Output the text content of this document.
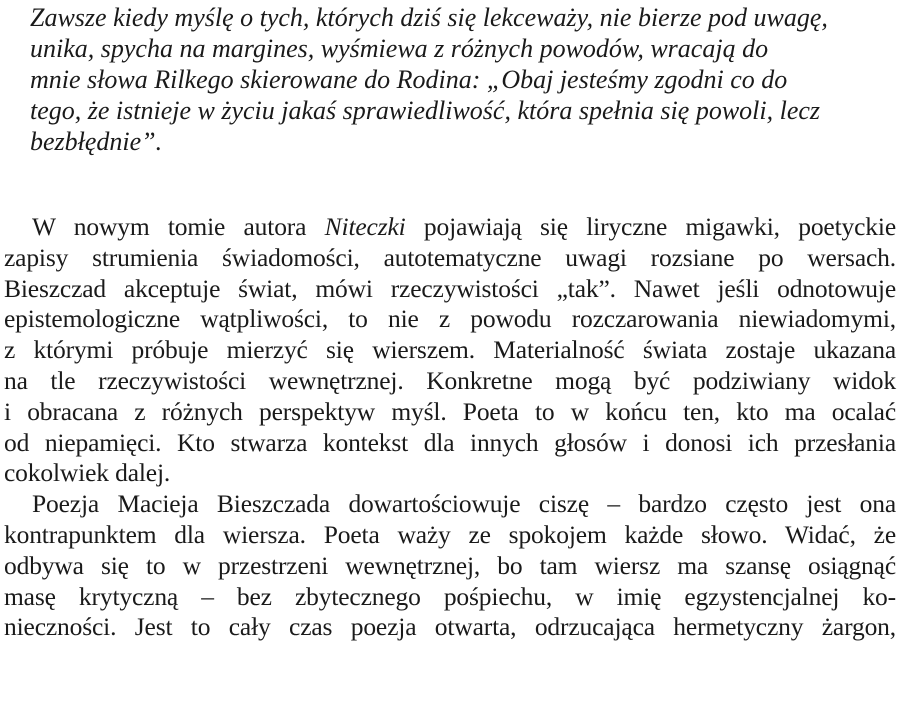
Zawsze kiedy myślę o tych, których dziś się lekceważy, nie bierze pod uwagę,
unika, spycha na margines, wyśmiewa z różnych powodów, wracają do
mnie słowa Rilkego skierowane do Rodina: „Obaj jesteśmy zgodni co do
tego, że istnieje w życiu jakaś sprawiedliwość, która spełnia się powoli, lecz
bezbłędnie”.
W nowym tomie autora Niteczki pojawiają się liryczne migawki, poetyckie
zapisy strumienia świadomości, autotematyczne uwagi rozsiane po wersach.
Bieszczad akceptuje świat, mówi rzeczywistości „tak”. Nawet jeśli odnotowuje
epistemologiczne wątpliwości, to nie z powodu rozczarowania niewiadomymi,
z którymi próbuje mierzyć się wierszem. Materialność świata zostaje ukazana
na tle rzeczywistości wewnętrznej. Konkretne mogą być podziwiany widok
i obracana z różnych perspektyw myśl. Poeta to w końcu ten, kto ma ocalać
od niepamięci. Kto stwarza kontekst dla innych głosów i donosi ich przesłania
cokolwiek dalej.
Poezja Macieja Bieszczada dowartościowuje ciszę – bardzo często jest ona
kontrapunktem dla wiersza. Poeta waży ze spokojem każde słowo. Widać, że
odbywa się to w przestrzeni wewnętrznej, bo tam wiersz ma szansę osiągnąć
masę krytyczną – bez zbytecznego pośpiechu, w imię egzystencjalnej ko-
nieczności. Jest to cały czas poezja otwarta, odrzucająca hermetyczny żargon,
